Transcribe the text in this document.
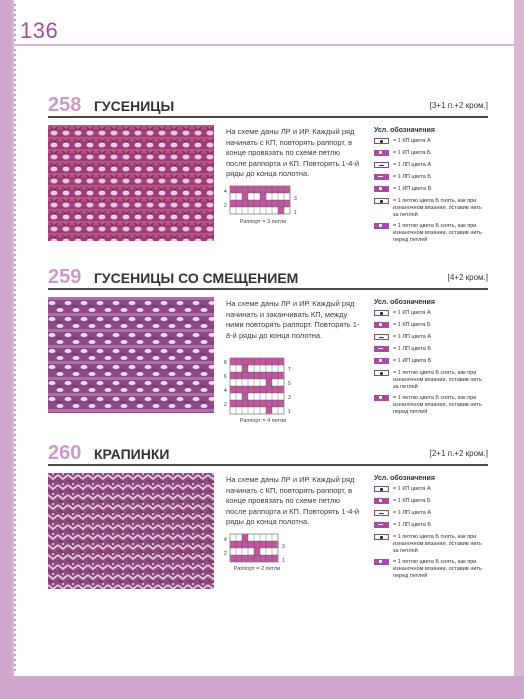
136
258 ГУСЕНИЦЫ	[3+1 п.+2 кром.]
На схеме даны ЛР и ИР. Каждый ряд начинать с КП, повторять раппорт, в конце провязать по схеме петлю после раппорта и КП. Повторять 1-4-й ряды до конца полотна.
4
2
3
1
Раппорт = 3 петли
Усл. обозначения
= 1 КП цвета А
= 1 КП цвета Б
= 1 ЛП цвета А
= 1 ЛП цвета Б
= 1 ИП цвета Б
= 1 петлю цвета Б снять, как при изнаночном вязании, оставив нить за петлей
= 1 петлю цвета Б снять, как при изнаночном вязании, оставив нить перед петлей
259 ГУСЕНИЦЫ СО СМЕЩЕНИЕМ	[4+2 кром.]
На схеме даны ЛР и ИР. Каждый ряд начинать и заканчивать КП, между ними повторять раппорт. Повторять 1-8-й ряды до конца полотна.
8
6
4
2
7
5
3
1
Раппорт = 4 петли
Усл. обозначения
= 1 КП цвета А
= 1 КП цвета Б
= 1 ЛП цвета А
= 1 ЛП цвета Б
= 1 ИП цвета Б
= 1 петлю цвета Б снять, как при изнаночном вязании, оставив нить за петлей
= 1 петлю цвета Б снять, как при изнаночном вязании, оставив нить перед петлей
260 КРАПИНКИ	[2+1 п.+2 кром.]
На схеме даны ЛР и ИР. Каждый ряд начинать с КП, повторять раппорт, в конце провязать по схеме петлю после раппорта и КП. Повторять 1-4-й ряды до конца полотна.
4
2
3
1
Раппорт = 2 петли
Усл. обозначения
= 1 КП цвета А
= 1 КП цвета Б
= 1 ЛП цвета А
= 1 ЛП цвета Б
= 1 петлю цвета Б снять, как при изнаночном вязании, оставив нить за петлей
= 1 петлю цвета Б снять, как при изнаночном вязании, оставив нить перед петлей
